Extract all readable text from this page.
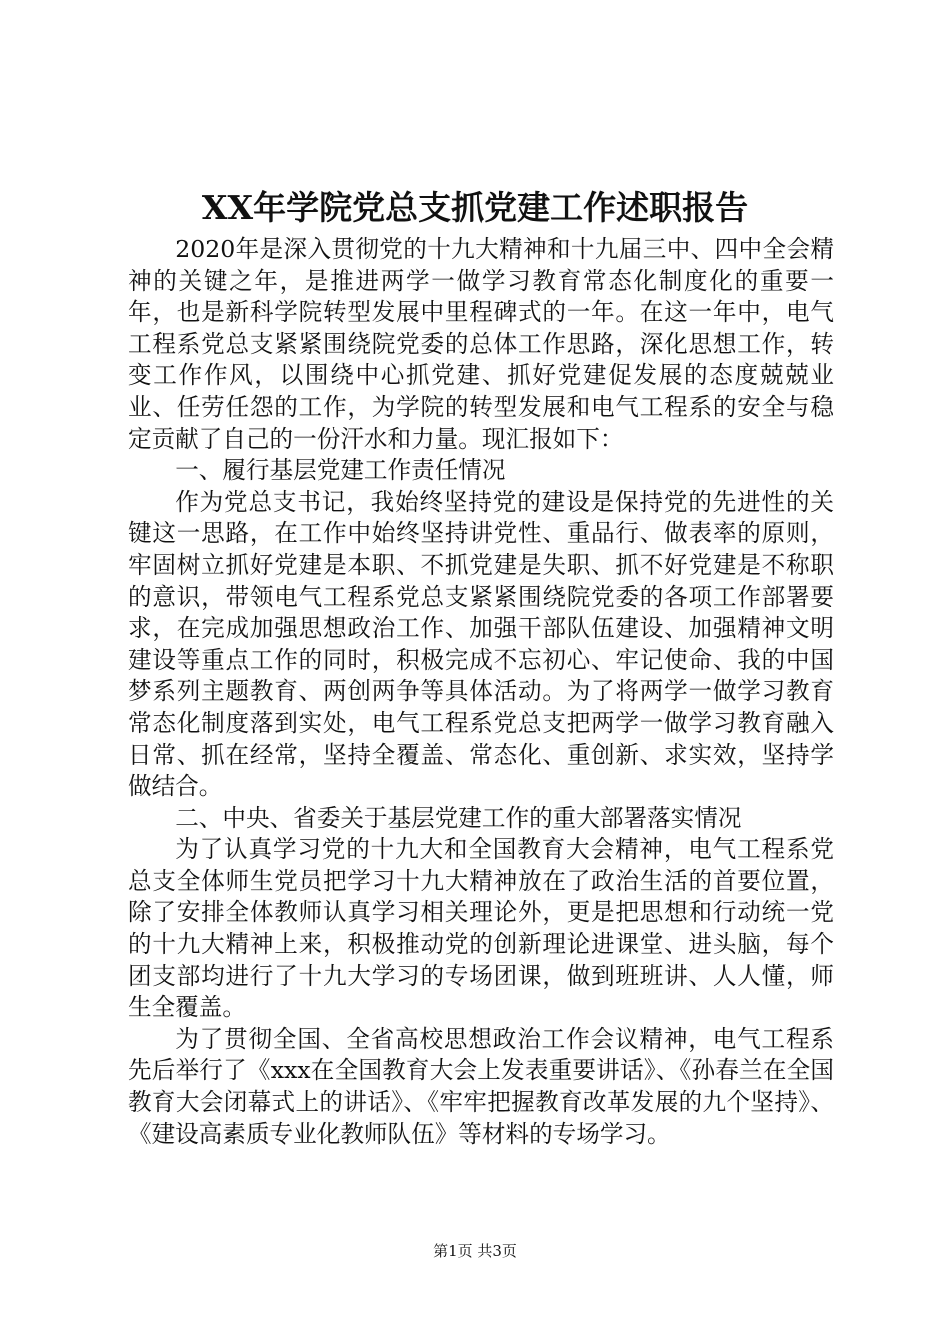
XX年学院党总支抓党建工作述职报告

2020年是深入贯彻党的十九大精神和十九届三中、四中全会精神的关键之年，是推进两学一做学习教育常态化制度化的重要一年，也是新科学院转型发展中里程碑式的一年。在这一年中，电气工程系党总支紧紧围绕院党委的总体工作思路，深化思想工作，转变工作作风，以围绕中心抓党建、抓好党建促发展的态度兢兢业业、任劳任怨的工作，为学院的转型发展和电气工程系的安全与稳定贡献了自己的一份汗水和力量。现汇报如下：

一、履行基层党建工作责任情况

作为党总支书记，我始终坚持党的建设是保持党的先进性的关键这一思路，在工作中始终坚持讲党性、重品行、做表率的原则，牢固树立抓好党建是本职、不抓党建是失职、抓不好党建是不称职的意识，带领电气工程系党总支紧紧围绕院党委的各项工作部署要求，在完成加强思想政治工作、加强干部队伍建设、加强精神文明建设等重点工作的同时，积极完成不忘初心、牢记使命、我的中国梦系列主题教育、两创两争等具体活动。为了将两学一做学习教育常态化制度落到实处，电气工程系党总支把两学一做学习教育融入日常、抓在经常，坚持全覆盖、常态化、重创新、求实效，坚持学做结合。

二、中央、省委关于基层党建工作的重大部署落实情况

为了认真学习党的十九大和全国教育大会精神，电气工程系党总支全体师生党员把学习十九大精神放在了政治生活的首要位置，除了安排全体教师认真学习相关理论外，更是把思想和行动统一党的十九大精神上来，积极推动党的创新理论进课堂、进头脑，每个团支部均进行了十九大学习的专场团课，做到班班讲、人人懂，师生全覆盖。

为了贯彻全国、全省高校思想政治工作会议精神，电气工程系先后举行了《xxx在全国教育大会上发表重要讲话》、《孙春兰在全国教育大会闭幕式上的讲话》、《牢牢把握教育改革发展的九个坚持》、《建设高素质专业化教师队伍》等材料的专场学习。

第1页 共3页
